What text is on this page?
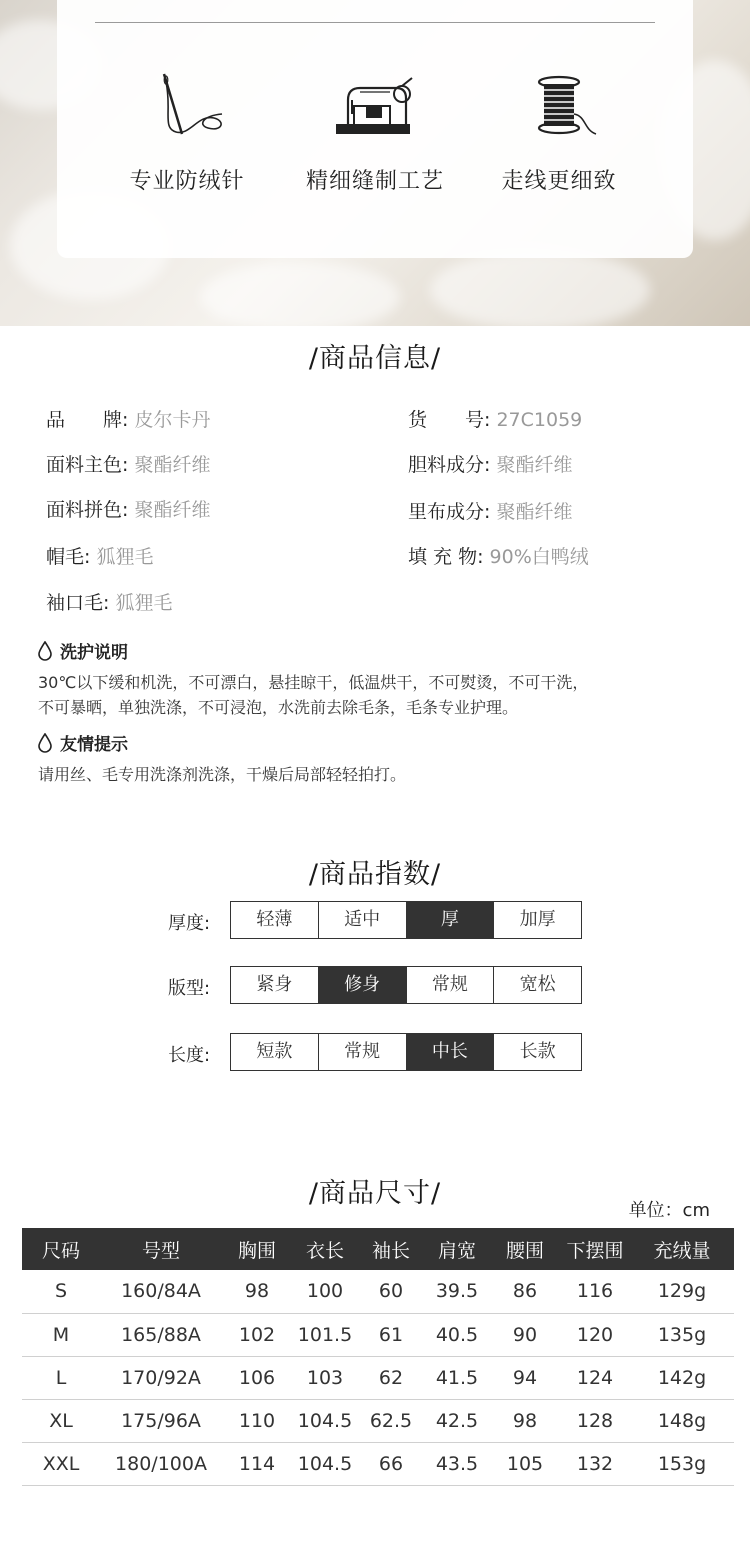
专业防绒针	精细缝制工艺	走线更细致
/商品信息/
品　　牌: 皮尔卡丹	货　　号: 27C1059
面料主色: 聚酯纤维	胆料成分: 聚酯纤维
面料拼色: 聚酯纤维	里布成分: 聚酯纤维
帽毛: 狐狸毛	填 充 物: 90%白鸭绒
袖口毛: 狐狸毛
洗护说明
30℃以下缓和机洗，不可漂白，悬挂晾干，低温烘干，不可熨烫，不可干洗，
不可暴晒，单独洗涤，不可浸泡，水洗前去除毛条，毛条专业护理。
友情提示
请用丝、毛专用洗涤剂洗涤，干燥后局部轻轻拍打。
/商品指数/
厚度:	轻薄	适中	厚	加厚
版型:	紧身	修身	常规	宽松
长度:	短款	常规	中长	长款
/商品尺寸/
单位：cm
尺码	号型	胸围	衣长	袖长	肩宽	腰围	下摆围	充绒量
S	160/84A	98	100	60	39.5	86	116	129g
M	165/88A	102	101.5	61	40.5	90	120	135g
L	170/92A	106	103	62	41.5	94	124	142g
XL	175/96A	110	104.5	62.5	42.5	98	128	148g
XXL	180/100A	114	104.5	66	43.5	105	132	153g
